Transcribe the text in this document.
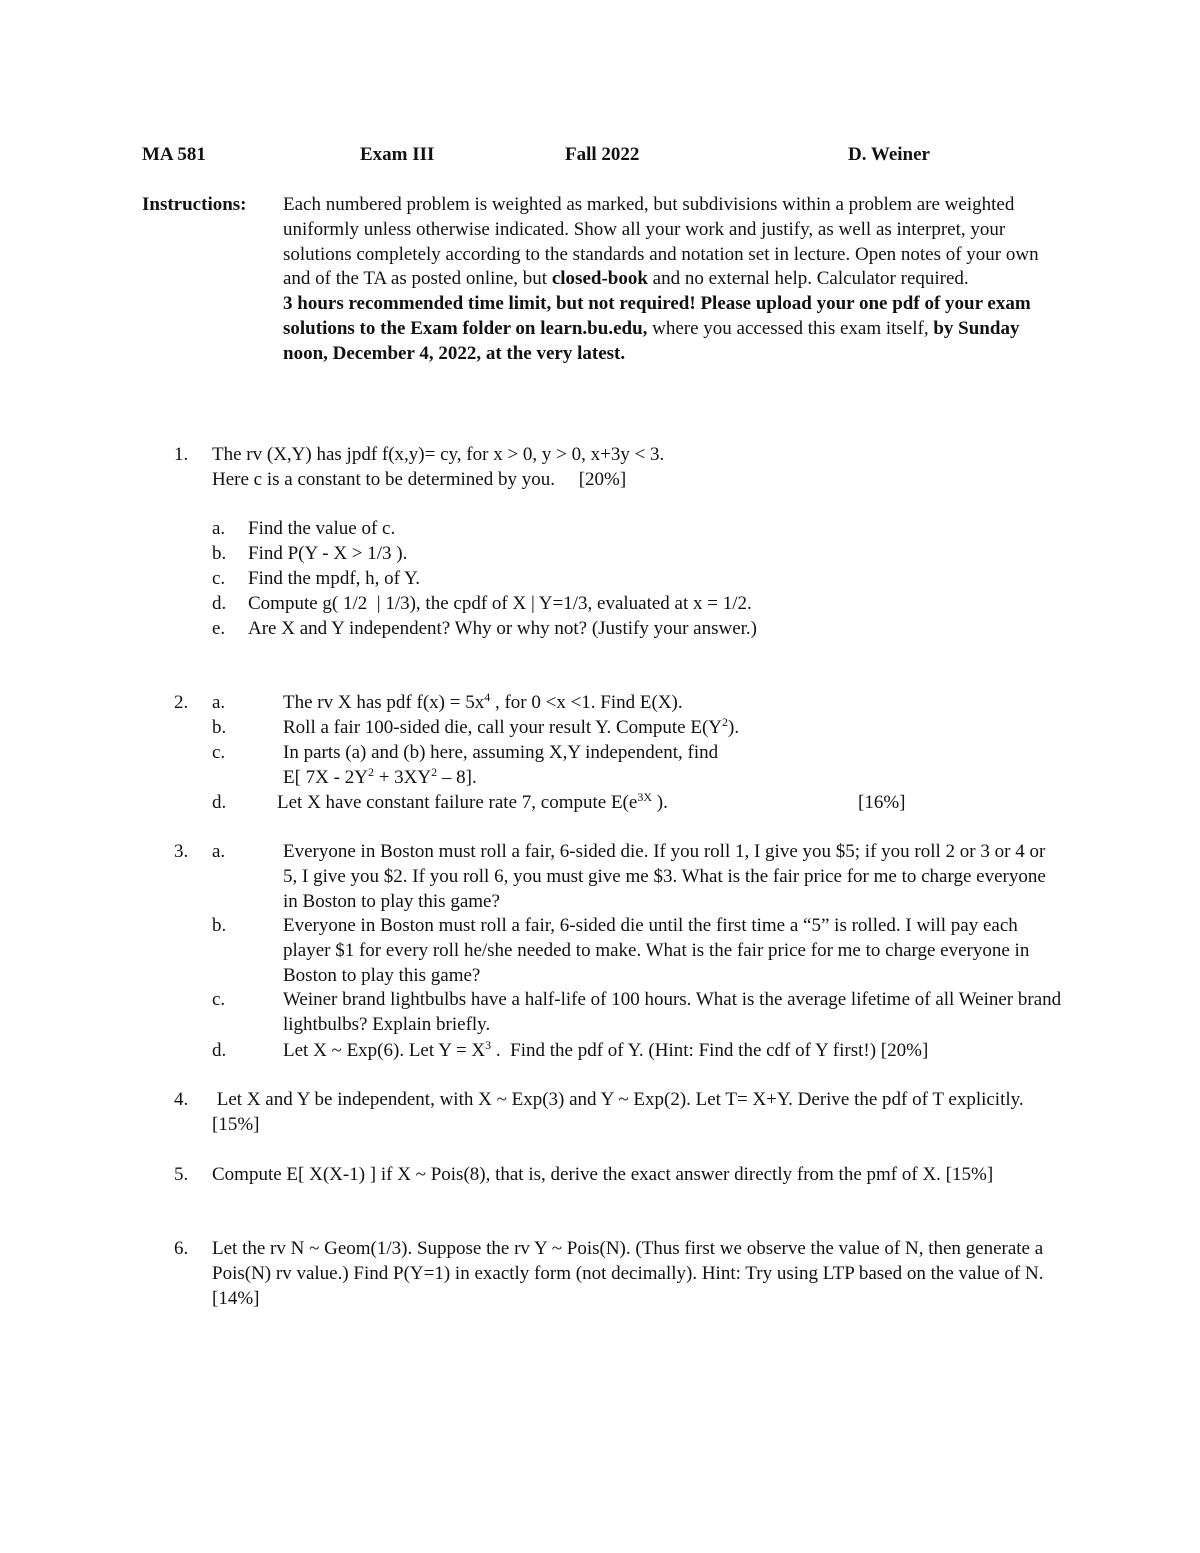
MA 581	Exam III	Fall 2022	D. Weiner
Instructions: Each numbered problem is weighted as marked, but subdivisions within a problem are weighted uniformly unless otherwise indicated. Show all your work and justify, as well as interpret, your solutions completely according to the standards and notation set in lecture. Open notes of your own and of the TA as posted online, but closed-book and no external help. Calculator required.

3 hours recommended time limit, but not required! Please upload your one pdf of your exam solutions to the Exam folder on learn.bu.edu, where you accessed this exam itself, by Sunday noon, December 4, 2022, at the very latest.

1. The rv (X,Y) has jpdf f(x,y)= cy, for x > 0, y > 0, x+3y < 3.
Here c is a constant to be determined by you.     [20%]
a. Find the value of c.
b. Find P(Y - X > 1/3 ).
c. Find the mpdf, h, of Y.
d. Compute g( 1/2  | 1/3), the cpdf of X | Y=1/3, evaluated at x = 1/2.
e. Are X and Y independent? Why or why not? (Justify your answer.)
2. a.	The rv X has pdf $f(x) = 5x^4$ , for 0 <x <1. Find E(X).
b.	Roll a fair 100-sided die, call your result Y. Compute $E(Y^2)$.
c.	In parts (a) and (b) here, assuming X,Y independent, find
E[ $7X - 2Y^2 + 3XY^2 - 8$].
d.	Let X have constant failure rate 7, compute $E(e^{3X}$ ).	[16%]
3. a.	Everyone in Boston must roll a fair, 6-sided die. If you roll 1, I give you $5; if you roll 2 or 3 or 4 or 5, I give you $2. If you roll 6, you must give me $3. What is the fair price for me to charge everyone in Boston to play this game?
b.	Everyone in Boston must roll a fair, 6-sided die until the first time a “5” is rolled. I will pay each player $1 for every roll he/she needed to make. What is the fair price for me to charge everyone in Boston to play this game?
c.	Weiner brand lightbulbs have a half-life of 100 hours. What is the average lifetime of all Weiner brand lightbulbs? Explain briefly.
d.	Let X ~ Exp(6). Let $Y = X^3$ .  Find the pdf of Y. (Hint: Find the cdf of Y first!) [20%]
4. Let X and Y be independent, with X ~ Exp(3) and Y ~ Exp(2). Let T= X+Y. Derive the pdf of T explicitly.   [15%]
5. Compute E[ X(X-1) ] if X ~ Pois(8), that is, derive the exact answer directly from the pmf of X. [15%]
6. Let the rv N ~ Geom(1/3). Suppose the rv Y ~ Pois(N). (Thus first we observe the value of N, then generate a Pois(N) rv value.) Find P(Y=1) in exactly form (not decimally). Hint: Try using LTP based on the value of N.  [14%]
